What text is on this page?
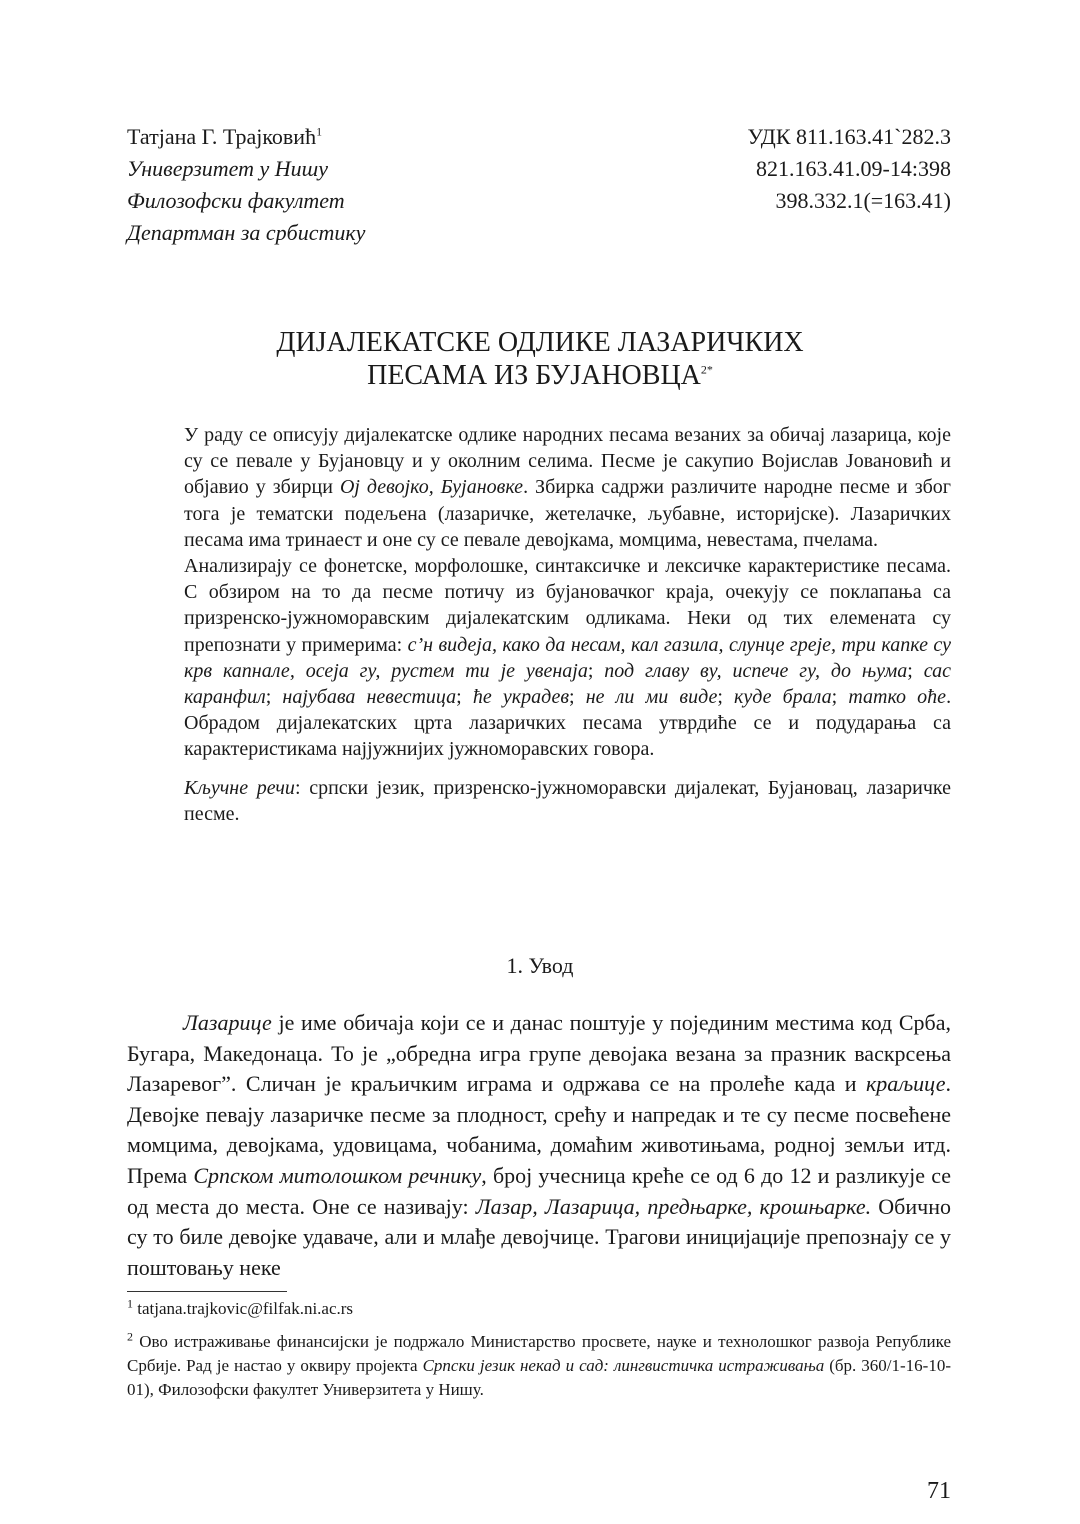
Татјана Г. Трајковић$^1$
Универзитет у Нишу
Филозофски факултет
Департман за србистику
УДК 811.163.41`282.3
821.163.41.09-14:398
398.332.1(=163.41)
ДИЈАЛЕКАТСКЕ ОДЛИКЕ ЛАЗАРИЧКИХ
ПЕСАМА ИЗ $БУЈАНОВЦА^{2*}$

У раду се описују дијалекатске одлике народних песама везаних за обичај лазарица, које су се певале у Бујановцу и у околним селима. Песме је сакупио Војислав Јовановић и објавио у збирци Ој девојко, Бујановке. Збирка садржи различите народне песме и због тога је тематски подељена (лазаричке, жетелачке, љубавне, историјске). Лазаричких песама има тринаест и оне су се певале девојкама, момцима, невестама, пчелама.

Анализирају се фонетске, морфолошке, синтаксичке и лексичке карактеристике песама. С обзиром на то да песме потичу из бујановачког краја, очекују се поклапања са призренско-јужноморавским дијалекатским одликама. Неки од тих елемената су препознати у примерима: с’н видеја, како да несам, кал газила, слунце греје, три капке су крв капнале, осеја гу, рустем ти је увенаја; под главу ву, испече гу, до њума; сас каранфил; најубава невестица; ће украдев; не ли ми виде; куде брала; татко оће. Обрадом дијалекатских црта лазаричких песама утврдиће се и подударања са карактеристикама најјужнијих јужноморавских говора.

Кључне речи: српски језик, призренско-јужноморавски дијалекат, Бујановац, лазаричке песме.

1. Увод

Лазарице је име обичаја који се и данас поштује у појединим местима код Срба, Бугара, Македонаца. То је „обредна игра групе девојака везана за празник васкрсења Лазаревог”. Сличан је краљичким играма и одржава се на пролеће када и краљице. Девојке певају лазаричке песме за плодност, срећу и напредак и те су песме посвећене момцима, девојкама, удовицама, чобанима, домаћим животињама, родној земљи итд. Према Српском митолошком речнику, број учесница креће се од 6 до 12 и разликује се од места до места. Оне се називају: Лазар, Лазарица, предњарке, крошњарке. Обично су то биле девојке удаваче, али и млађе девојчице. Трагови иницијације препознају се у поштовању неке

$^1$ tatjana.trajkovic@filfak.ni.ac.rs

$^2$ Ово истраживање финансијски је подржало Министарство просвете, науке и технолошког развоја Републике Србије. Рад је настао у оквиру пројекта Српски језик некад и сад: лингвистичка истраживања (бр. 360/1-16-10-01), Филозофски факултет Универзитета у Нишу.

71
